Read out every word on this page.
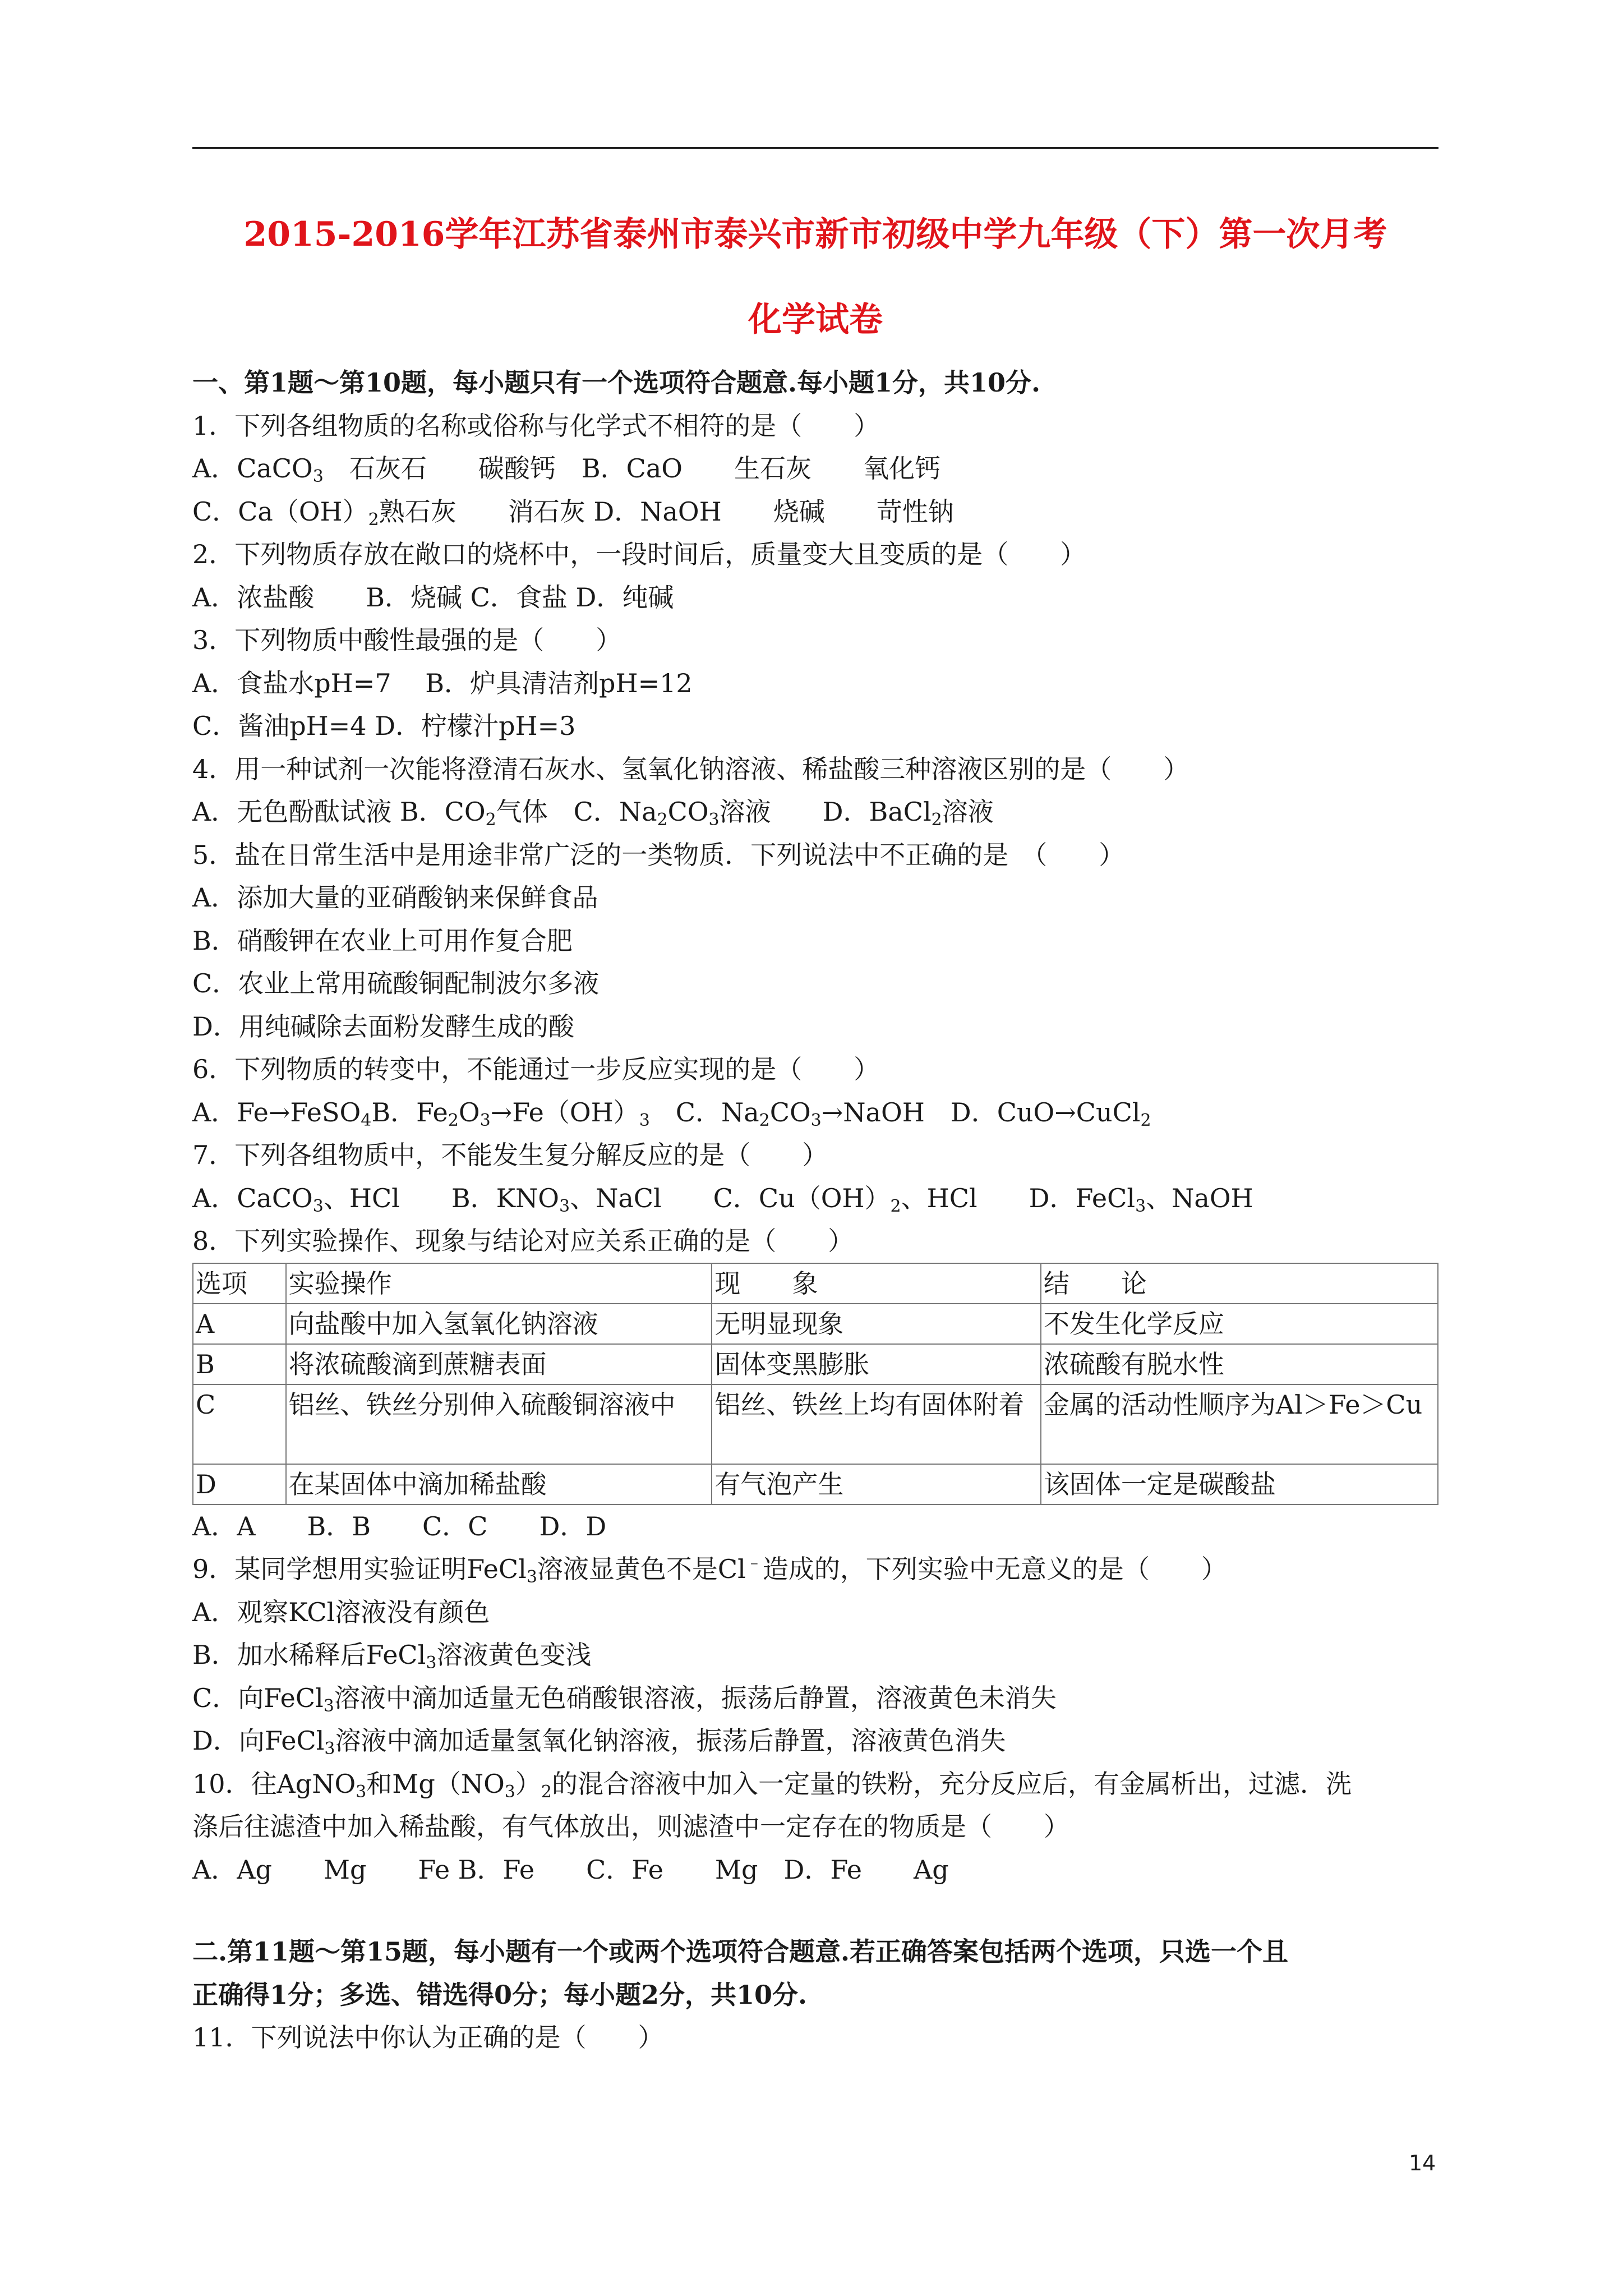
2015-2016学年江苏省泰州市泰兴市新市初级中学九年级（下）第一次月考
化学试卷
一、第1题～第10题，每小题只有一个选项符合题意.每小题1分，共10分.
1．下列各组物质的名称或俗称与化学式不相符的是（　　）
A．CaCO$_3$　石灰石　　碳酸钙　B．CaO　　生石灰　　氧化钙
C．$Ca(OH)_2$熟石灰　　消石灰 D．NaOH　　烧碱　　苛性钠
2．下列物质存放在敞口的烧杯中，一段时间后，质量变大且变质的是（　　）
A．浓盐酸　　B．烧碱 C．食盐 D．纯碱
3．下列物质中酸性最强的是（　　）
A．食盐水pH=7　 B．炉具清洁剂pH=12
C．酱油pH=4 D．柠檬汁pH=3
4．用一种试剂一次能将澄清石灰水、氢氧化钠溶液、稀盐酸三种溶液区别的是（　　）
A．无色酚酞试液 B．$CO_2$气体　C．$Na_2CO_3$溶液　　D．BaCl$_2$溶液
5．盐在日常生活中是用途非常广泛的一类物质．下列说法中不正确的是　（　　）
A．添加大量的亚硝酸钠来保鲜食品
B．硝酸钾在农业上可用作复合肥
C．农业上常用硫酸铜配制波尔多液
D．用纯碱除去面粉发酵生成的酸
6．下列物质的转变中，不能通过一步反应实现的是（　　）
A．Fe→FeSO$_4$B．$Fe_2O_3\to Fe(OH)_3$　C．$Na_2CO_3\to NaOH$　D．CuO→CuCl$_2$
7．下列各组物质中，不能发生复分解反应的是（　　）
A．CaCO$_3$、HCl　　B．$KNO_3$、NaCl　　C．$Cu(OH)_2$、HCl　　D．FeCl$_3$、NaOH
8．下列实验操作、现象与结论对应关系正确的是（　　）
选项	实验操作	现　　象	结　　论
A	向盐酸中加入氢氧化钠溶液	无明显现象	不发生化学反应
B	将浓硫酸滴到蔗糖表面	固体变黑膨胀	浓硫酸有脱水性
C	铝丝、铁丝分别伸入硫酸铜溶液中	铝丝、铁丝上均有固体附着	金属的活动性顺序为Al＞Fe＞Cu
D	在某固体中滴加稀盐酸	有气泡产生	该固体一定是碳酸盐
A．A　　B．B　　C．C　　D．D
9．某同学想用实验证明FeCl$_3$溶液显黄色不是Cl﹣造成的，下列实验中无意义的是（　　）
A．观察KCl溶液没有颜色
B．加水稀释后FeCl$_3$溶液黄色变浅
C．向FeCl$_3$溶液中滴加适量无色硝酸银溶液，振荡后静置，溶液黄色未消失
D．向FeCl$_3$溶液中滴加适量氢氧化钠溶液，振荡后静置，溶液黄色消失
10．往AgNO$_3$和$Mg(NO_3)_2$的混合溶液中加入一定量的铁粉，充分反应后，有金属析出，过滤．洗
涤后往滤渣中加入稀盐酸，有气体放出，则滤渣中一定存在的物质是（　　）
A．Ag　　Mg　　Fe B．Fe　　C．Fe　　Mg　D．Fe　　Ag
二.第11题～第15题，每小题有一个或两个选项符合题意.若正确答案包括两个选项，只选一个且
正确得1分；多选、错选得0分；每小题2分，共10分.
11．下列说法中你认为正确的是（　　）
14
